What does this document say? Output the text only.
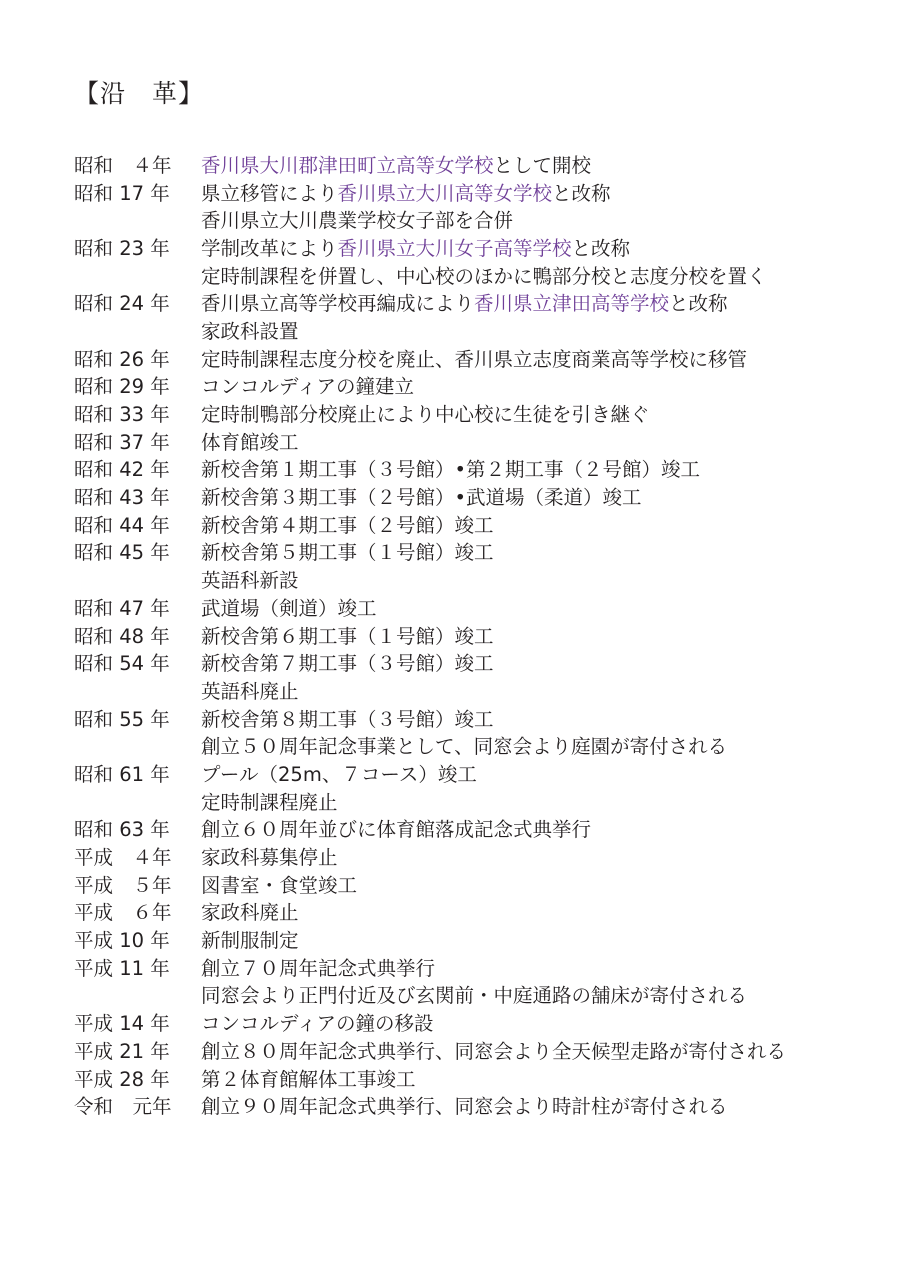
【沿　革】
昭和　４年	香川県大川郡津田町立高等女学校として開校
昭和 17 年	県立移管により香川県立大川高等女学校と改称
香川県立大川農業学校女子部を合併
昭和 23 年	学制改革により香川県立大川女子高等学校と改称
定時制課程を併置し、中心校のほかに鴨部分校と志度分校を置く
昭和 24 年	香川県立高等学校再編成により香川県立津田高等学校と改称
家政科設置
昭和 26 年	定時制課程志度分校を廃止、香川県立志度商業高等学校に移管
昭和 29 年	コンコルディアの鐘建立
昭和 33 年	定時制鴨部分校廃止により中心校に生徒を引き継ぐ
昭和 37 年	体育館竣工
昭和 42 年	新校舎第１期工事（３号館）•第２期工事（２号館）竣工
昭和 43 年	新校舎第３期工事（２号館）•武道場（柔道）竣工
昭和 44 年	新校舎第４期工事（２号館）竣工
昭和 45 年	新校舎第５期工事（１号館）竣工
英語科新設
昭和 47 年	武道場（剣道）竣工
昭和 48 年	新校舎第６期工事（１号館）竣工
昭和 54 年	新校舎第７期工事（３号館）竣工
英語科廃止
昭和 55 年	新校舎第８期工事（３号館）竣工
創立５０周年記念事業として、同窓会より庭園が寄付される
昭和 61 年	プール（25m、７コース）竣工
定時制課程廃止
昭和 63 年	創立６０周年並びに体育館落成記念式典挙行
平成　４年	家政科募集停止
平成　５年	図書室・食堂竣工
平成　６年	家政科廃止
平成 10 年	新制服制定
平成 11 年	創立７０周年記念式典挙行
同窓会より正門付近及び玄関前・中庭通路の舗床が寄付される
平成 14 年	コンコルディアの鐘の移設
平成 21 年	創立８０周年記念式典挙行、同窓会より全天候型走路が寄付される
平成 28 年	第２体育館解体工事竣工
令和　元年	創立９０周年記念式典挙行、同窓会より時計柱が寄付される
